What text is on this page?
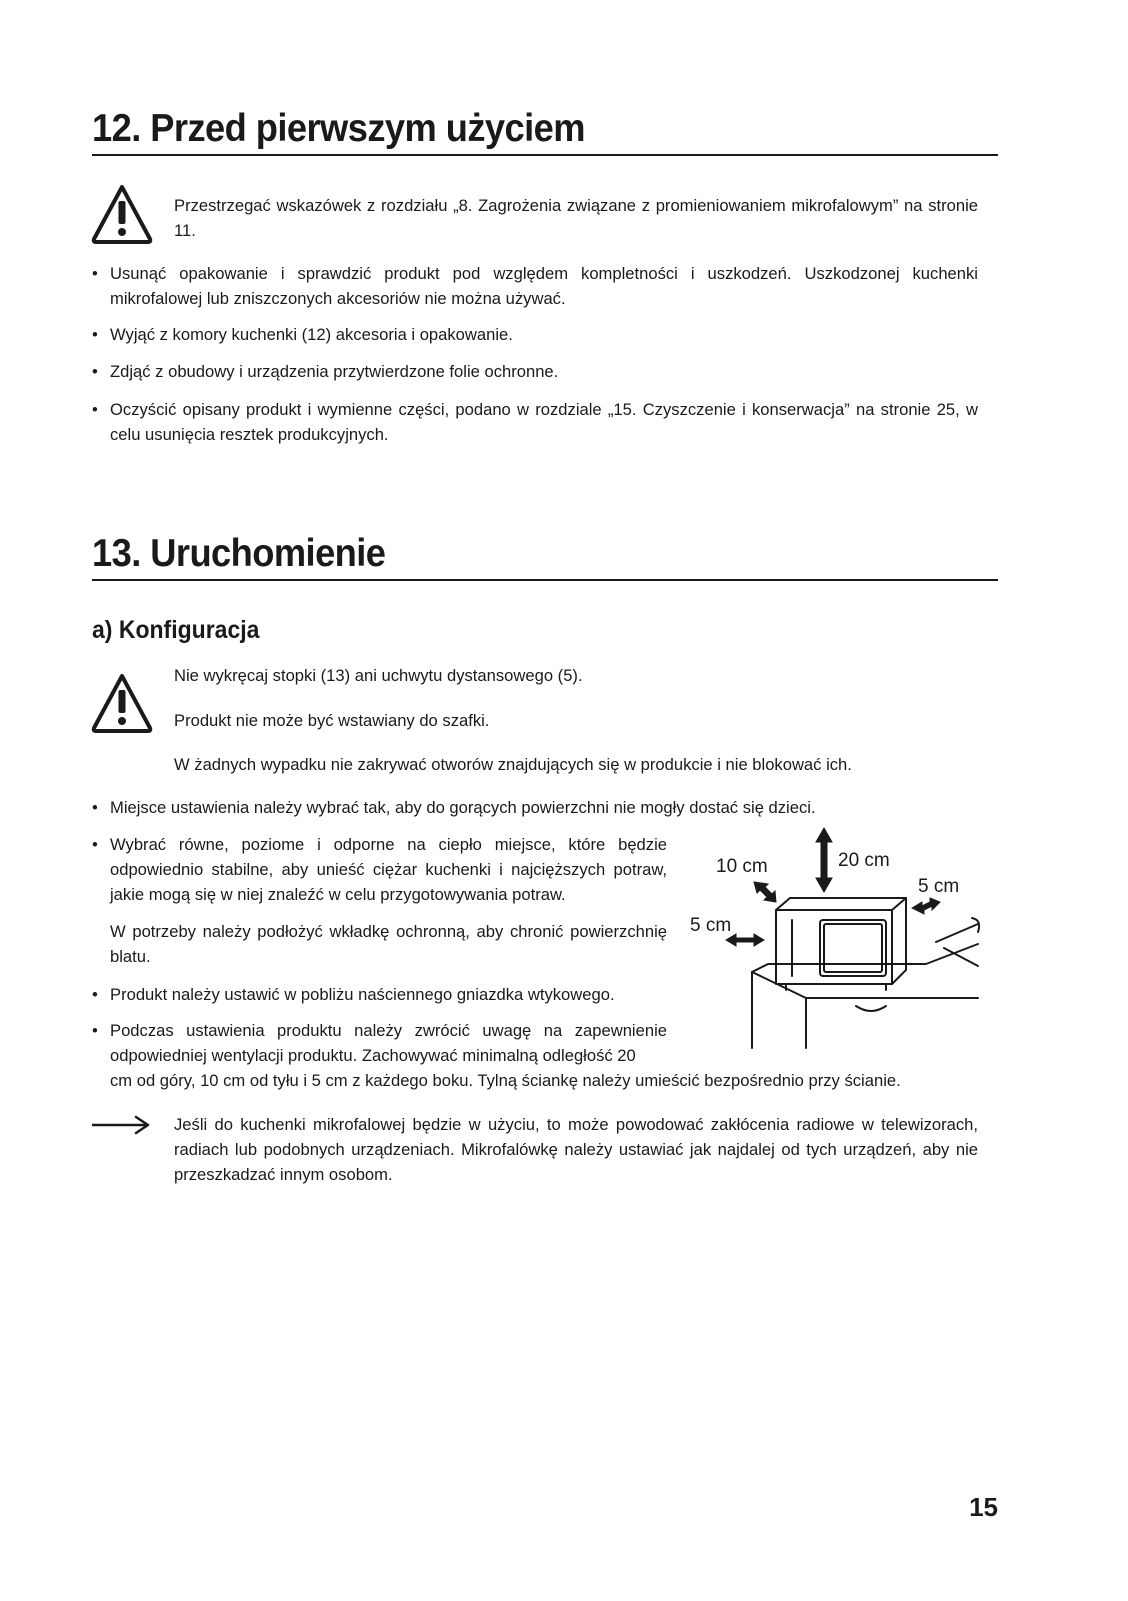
12. Przed pierwszym użyciem
Przestrzegać wskazówek z rozdziału „8. Zagrożenia związane z promieniowaniem mikrofalowym” na stronie 11.
• Usunąć opakowanie i sprawdzić produkt pod względem kompletności i uszkodzeń. Uszkodzonej kuchenki mikrofalowej lub zniszczonych akcesoriów nie można używać.
• Wyjąć z komory kuchenki (12) akcesoria i opakowanie.
• Zdjąć z obudowy i urządzenia przytwierdzone folie ochronne.
• Oczyścić opisany produkt i wymienne części, podano w rozdziale „15. Czyszczenie i konserwacja” na stronie 25, w celu usunięcia resztek produkcyjnych.
13. Uruchomienie
a) Konfiguracja
Nie wykręcaj stopki (13) ani uchwytu dystansowego (5).
Produkt nie może być wstawiany do szafki.
W żadnych wypadku nie zakrywać otworów znajdujących się w produkcie i nie blokować ich.
• Miejsce ustawienia należy wybrać tak, aby do gorących powierzchni nie mogły dostać się dzieci.
• Wybrać równe, poziome i odporne na ciepło miejsce, które będzie odpowiednio stabilne, aby unieść ciężar kuchenki i najcięższych potraw, jakie mogą się w niej znaleźć w celu przygotowywania potraw.
W potrzeby należy podłożyć wkładkę ochronną, aby chronić powierzchnię blatu.
• Produkt należy ustawić w pobliżu naściennego gniazdka wtykowego.
• Podczas ustawienia produktu należy zwrócić uwagę na zapewnienie odpowiedniej wentylacji produktu. Zachowywać minimalną odległość 20
cm od góry, 10 cm od tyłu i 5 cm z każdego boku. Tylną ściankę należy umieścić bezpośrednio przy ścianie.
20 cm
10 cm
5 cm
5 cm
Jeśli do kuchenki mikrofalowej będzie w użyciu, to może powodować zakłócenia radiowe w telewizorach, radiach lub podobnych urządzeniach. Mikrofalówkę należy ustawiać jak najdalej od tych urządzeń, aby nie przeszkadzać innym osobom.
15
